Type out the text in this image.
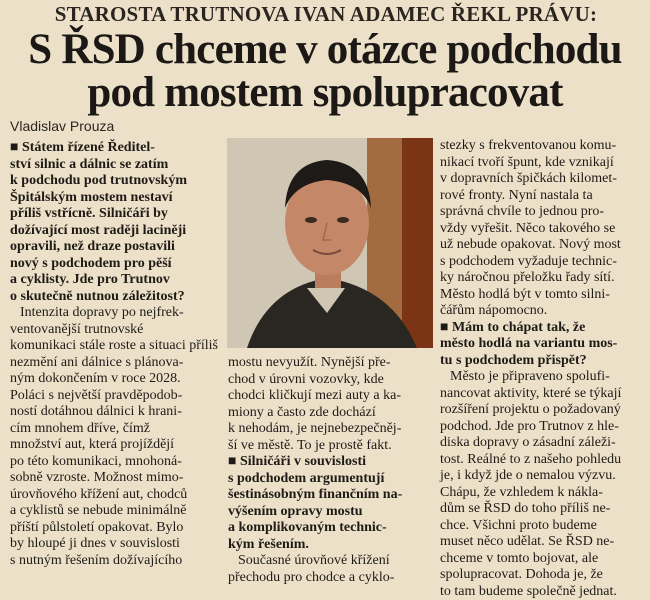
STAROSTA TRUTNOVA IVAN ADAMEC ŘEKL PRÁVU:
S ŘSD chceme v otázce podchodu
pod mostem spolupracovat
Vladislav Prouza
■ Státem řízené Ředitel-
ství silnic a dálnic se zatím
k podchodu pod trutnovským
Špitálským mostem nestaví
příliš vstřícně. Silničáři by
dožívající most raději laciněji
opravili, než draze postavili
nový s podchodem pro pěší
a cyklisty. Jde pro Trutnov
o skutečně nutnou záležitost?
Intenzita dopravy po nejfrek-
ventovanější trutnovské
komunikaci stále roste a situaci příliš
nezmění ani dálnice s plánova-
ným dokončením v roce 2028.
Poláci s největší pravděpodob-
ností dotáhnou dálnici k hrani-
cím mnohem dříve, čímž
množství aut, která projíždějí
po této komunikaci, mnohoná-
sobně vzroste. Možnost mimo-
úrovňového křížení aut, chodců
a cyklistů se nebude minimálně
příští půlstoletí opakovat. Bylo
by hloupé ji dnes v souvislosti
s nutným řešením dožívajícího
mostu nevyužít. Nynější pře-
chod v úrovni vozovky, kde
chodci kličkují mezi auty a ka-
miony a často zde dochází
k nehodám, je nejnebezpečněj-
ší ve městě. To je prostě fakt.
■ Silničáři v souvislosti
s podchodem argumentují
šestinásobným finančním na-
výšením opravy mostu
a komplikovaným technic-
kým řešením.
Současné úrovňové křížení
přechodu pro chodce a cyklo-
stezky s frekventovanou komu-
nikací tvoří špunt, kde vznikají
v dopravních špičkách kilomet-
rové fronty. Nyní nastala ta
správná chvíle to jednou pro-
vždy vyřešit. Něco takového se
už nebude opakovat. Nový most
s podchodem vyžaduje technic-
ky náročnou přeložku řady sítí.
Město hodlá být v tomto silni-
čářům nápomocno.
■ Mám to chápat tak, že
město hodlá na variantu mos-
tu s podchodem přispět?
Město je připraveno spolufi-
nancovat aktivity, které se týkají
rozšíření projektu o požadovaný
podchod. Jde pro Trutnov z hle-
diska dopravy o zásadní záleži-
tost. Reálné to z našeho pohledu
je, i když jde o nemalou výzvu.
Chápu, že vzhledem k nákla-
dům se ŘSD do toho příliš ne-
chce. Všichni proto budeme
muset něco udělat. Se ŘSD ne-
chceme v tomto bojovat, ale
spolupracovat. Dohoda je, že
to tam budeme společně jednat.
